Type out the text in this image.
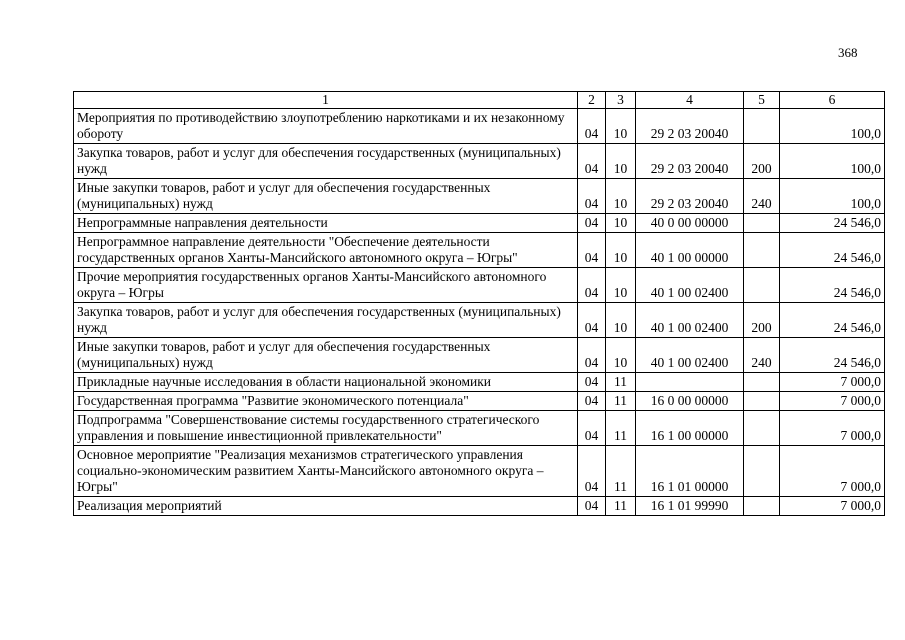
368
1	2	3	4	5	6
Мероприятия по противодействию злоупотреблению наркотиками и их незаконному обороту	04	10	29 2 03 20040		100,0
Закупка товаров, работ и услуг для обеспечения государственных (муниципальных) нужд	04	10	29 2 03 20040	200	100,0
Иные закупки товаров, работ и услуг для обеспечения государственных (муниципальных) нужд	04	10	29 2 03 20040	240	100,0
Непрограммные направления деятельности	04	10	40 0 00 00000		24 546,0
Непрограммное направление деятельности "Обеспечение деятельности государственных органов Ханты-Мансийского автономного округа – Югры"	04	10	40 1 00 00000		24 546,0
Прочие мероприятия государственных органов Ханты-Мансийского автономного округа – Югры	04	10	40 1 00 02400		24 546,0
Закупка товаров, работ и услуг для обеспечения государственных (муниципальных) нужд	04	10	40 1 00 02400	200	24 546,0
Иные закупки товаров, работ и услуг для обеспечения государственных (муниципальных) нужд	04	10	40 1 00 02400	240	24 546,0
Прикладные научные исследования в области национальной экономики	04	11			7 000,0
Государственная программа "Развитие экономического потенциала"	04	11	16 0 00 00000		7 000,0
Подпрограмма "Совершенствование системы государственного стратегического управления и повышение инвестиционной привлекательности"	04	11	16 1 00 00000		7 000,0
Основное мероприятие "Реализация механизмов стратегического управления социально-экономическим развитием Ханты-Мансийского автономного округа – Югры"	04	11	16 1 01 00000		7 000,0
Реализация мероприятий	04	11	16 1 01 99990		7 000,0
